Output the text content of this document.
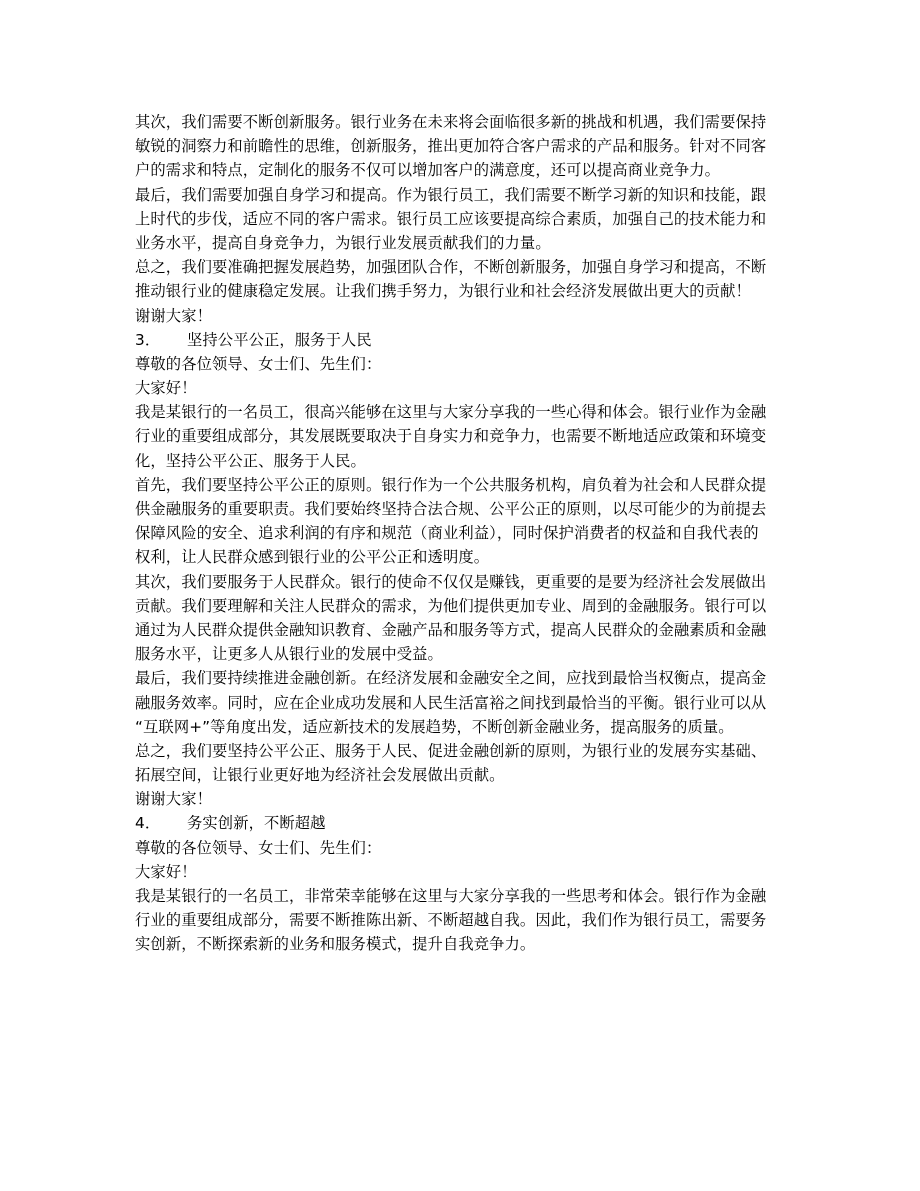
其次，我们需要不断创新服务。银行业务在未来将会面临很多新的挑战和机遇，我们需要保持
敏锐的洞察力和前瞻性的思维，创新服务，推出更加符合客户需求的产品和服务。针对不同客
户的需求和特点，定制化的服务不仅可以增加客户的满意度，还可以提高商业竞争力。
最后，我们需要加强自身学习和提高。作为银行员工，我们需要不断学习新的知识和技能，跟
上时代的步伐，适应不同的客户需求。银行员工应该要提高综合素质，加强自己的技术能力和
业务水平，提高自身竞争力，为银行业发展贡献我们的力量。
总之，我们要准确把握发展趋势，加强团队合作，不断创新服务，加强自身学习和提高，不断
推动银行业的健康稳定发展。让我们携手努力，为银行业和社会经济发展做出更大的贡献！
谢谢大家！
3． 坚持公平公正，服务于人民
尊敬的各位领导、女士们、先生们：
大家好！
我是某银行的一名员工，很高兴能够在这里与大家分享我的一些心得和体会。银行业作为金融
行业的重要组成部分，其发展既要取决于自身实力和竞争力，也需要不断地适应政策和环境变
化，坚持公平公正、服务于人民。
首先，我们要坚持公平公正的原则。银行作为一个公共服务机构，肩负着为社会和人民群众提
供金融服务的重要职责。我们要始终坚持合法合规、公平公正的原则，以尽可能少的为前提去
保障风险的安全、追求利润的有序和规范（商业利益），同时保护消费者的权益和自我代表的
权利，让人民群众感到银行业的公平公正和透明度。
其次，我们要服务于人民群众。银行的使命不仅仅是赚钱，更重要的是要为经济社会发展做出
贡献。我们要理解和关注人民群众的需求，为他们提供更加专业、周到的金融服务。银行可以
通过为人民群众提供金融知识教育、金融产品和服务等方式，提高人民群众的金融素质和金融
服务水平，让更多人从银行业的发展中受益。
最后，我们要持续推进金融创新。在经济发展和金融安全之间，应找到最恰当权衡点，提高金
融服务效率。同时，应在企业成功发展和人民生活富裕之间找到最恰当的平衡。银行业可以从
“互联网+”等角度出发，适应新技术的发展趋势，不断创新金融业务，提高服务的质量。
总之，我们要坚持公平公正、服务于人民、促进金融创新的原则，为银行业的发展夯实基础、
拓展空间，让银行业更好地为经济社会发展做出贡献。
谢谢大家！
4． 务实创新，不断超越
尊敬的各位领导、女士们、先生们：
大家好！
我是某银行的一名员工，非常荣幸能够在这里与大家分享我的一些思考和体会。银行作为金融
行业的重要组成部分，需要不断推陈出新、不断超越自我。因此，我们作为银行员工，需要务
实创新，不断探索新的业务和服务模式，提升自我竞争力。
